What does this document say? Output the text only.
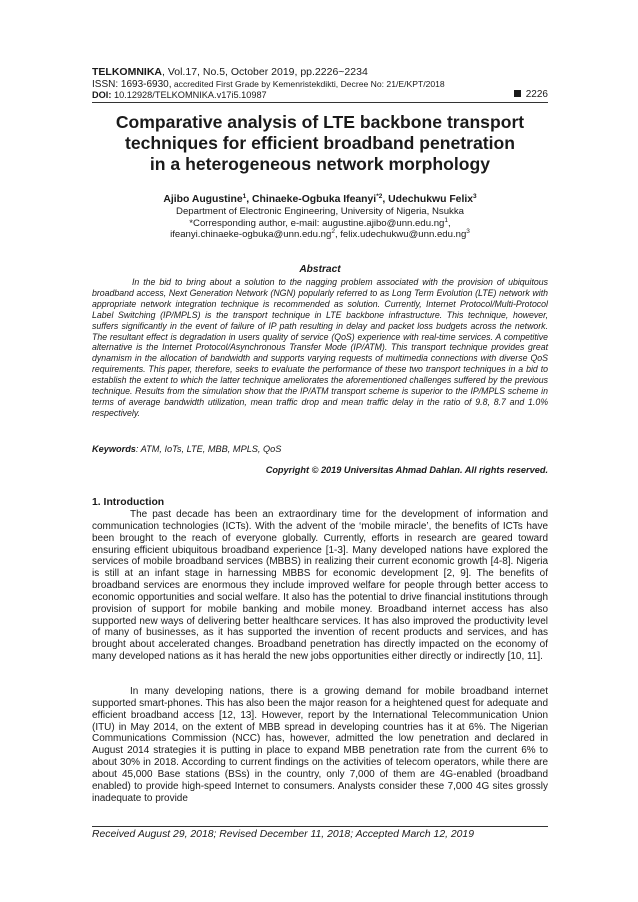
TELKOMNIKA, Vol.17, No.5, October 2019, pp.2226~2234
ISSN: 1693-6930, accredited First Grade by Kemenristekdikti, Decree No: 21/E/KPT/2018
DOI: 10.12928/TELKOMNIKA.v17i5.10987	2226
Comparative analysis of LTE backbone transport
techniques for efficient broadband penetration
in a heterogeneous network morphology
Ajibo Augustine$^1$, Chinaeke-Ogbuka Ifeanyi$^{*2}$, Udechukwu Felix$^3$
Department of Electronic Engineering, University of Nigeria, Nsukka
*Corresponding author, e-mail: $augustine.ajibo@unn.edu.ng^1$,
$ifeanyi.chinaeke-ogbuka@unn.edu.ng^2$, $felix.udechukwu@unn.edu.ng^3$
Abstract
In the bid to bring about a solution to the nagging problem associated with the provision of ubiquitous broadband access, Next Generation Network (NGN) popularly referred to as Long Term Evolution (LTE) network with appropriate network integration technique is recommended as solution. Currently, Internet Protocol/Multi-Protocol Label Switching (IP/MPLS) is the transport technique in LTE backbone infrastructure. This technique, however, suffers significantly in the event of failure of IP path resulting in delay and packet loss budgets across the network. The resultant effect is degradation in users quality of service (QoS) experience with real-time services. A competitive alternative is the Internet Protocol/Asynchronous Transfer Mode (IP/ATM). This transport technique provides great dynamism in the allocation of bandwidth and supports varying requests of multimedia connections with diverse QoS requirements. This paper, therefore, seeks to evaluate the performance of these two transport techniques in a bid to establish the extent to which the latter technique ameliorates the aforementioned challenges suffered by the previous technique. Results from the simulation show that the IP/ATM transport scheme is superior to the IP/MPLS scheme in terms of average bandwidth utilization, mean traffic drop and mean traffic delay in the ratio of 9.8, 8.7 and 1.0% respectively.
Keywords: ATM, IoTs, LTE, MBB, MPLS, QoS
Copyright © 2019 Universitas Ahmad Dahlan. All rights reserved.
1. Introduction
The past decade has been an extraordinary time for the development of information and communication technologies (ICTs). With the advent of the ‘mobile miracle’, the benefits of ICTs have been brought to the reach of everyone globally. Currently, efforts in research are geared toward ensuring efficient ubiquitous broadband experience [1-3]. Many developed nations have explored the services of mobile broadband services (MBBS) in realizing their current economic growth [4-8]. Nigeria is still at an infant stage in harnessing MBBS for economic development [2, 9]. The benefits of broadband services are enormous they include improved welfare for people through better access to economic opportunities and social welfare. It also has the potential to drive financial institutions through provision of support for mobile banking and mobile money. Broadband internet access has also supported new ways of delivering better healthcare services. It has also improved the productivity level of many of businesses, as it has supported the invention of recent products and services, and has brought about accelerated changes. Broadband penetration has directly impacted on the economy of many developed nations as it has herald the new jobs opportunities either directly or indirectly [10, 11].
In many developing nations, there is a growing demand for mobile broadband internet supported smart-phones. This has also been the major reason for a heightened quest for adequate and efficient broadband access [12, 13]. However, report by the International Telecommunication Union (ITU) in May 2014, on the extent of MBB spread in developing countries has it at 6%. The Nigerian Communications Commission (NCC) has, however, admitted the low penetration and declared in August 2014 strategies it is putting in place to expand MBB penetration rate from the current 6% to about 30% in 2018. According to current findings on the activities of telecom operators, while there are about 45,000 Base stations (BSs) in the country, only 7,000 of them are 4G-enabled (broadband enabled) to provide high-speed Internet to consumers. Analysts consider these 7,000 4G sites grossly inadequate to provide
Received August 29, 2018; Revised December 11, 2018; Accepted March 12, 2019
